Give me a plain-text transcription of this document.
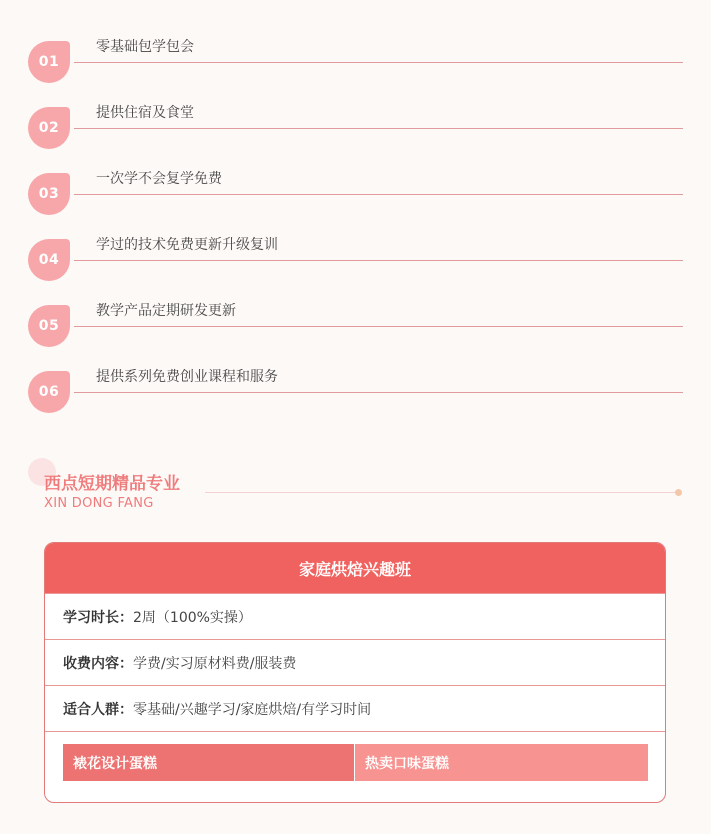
01
零基础包学包会
02
提供住宿及食堂
03
一次学不会复学免费
04
学过的技术免费更新升级复训
05
教学产品定期研发更新
06
提供系列免费创业课程和服务
西点短期精品专业
XIN DONG FANG
家庭烘焙兴趣班
学习时长： 2周（100%实操）
收费内容： 学费/实习原材料费/服装费
适合人群： 零基础/兴趣学习/家庭烘焙/有学习时间
裱花设计蛋糕	热卖口味蛋糕
